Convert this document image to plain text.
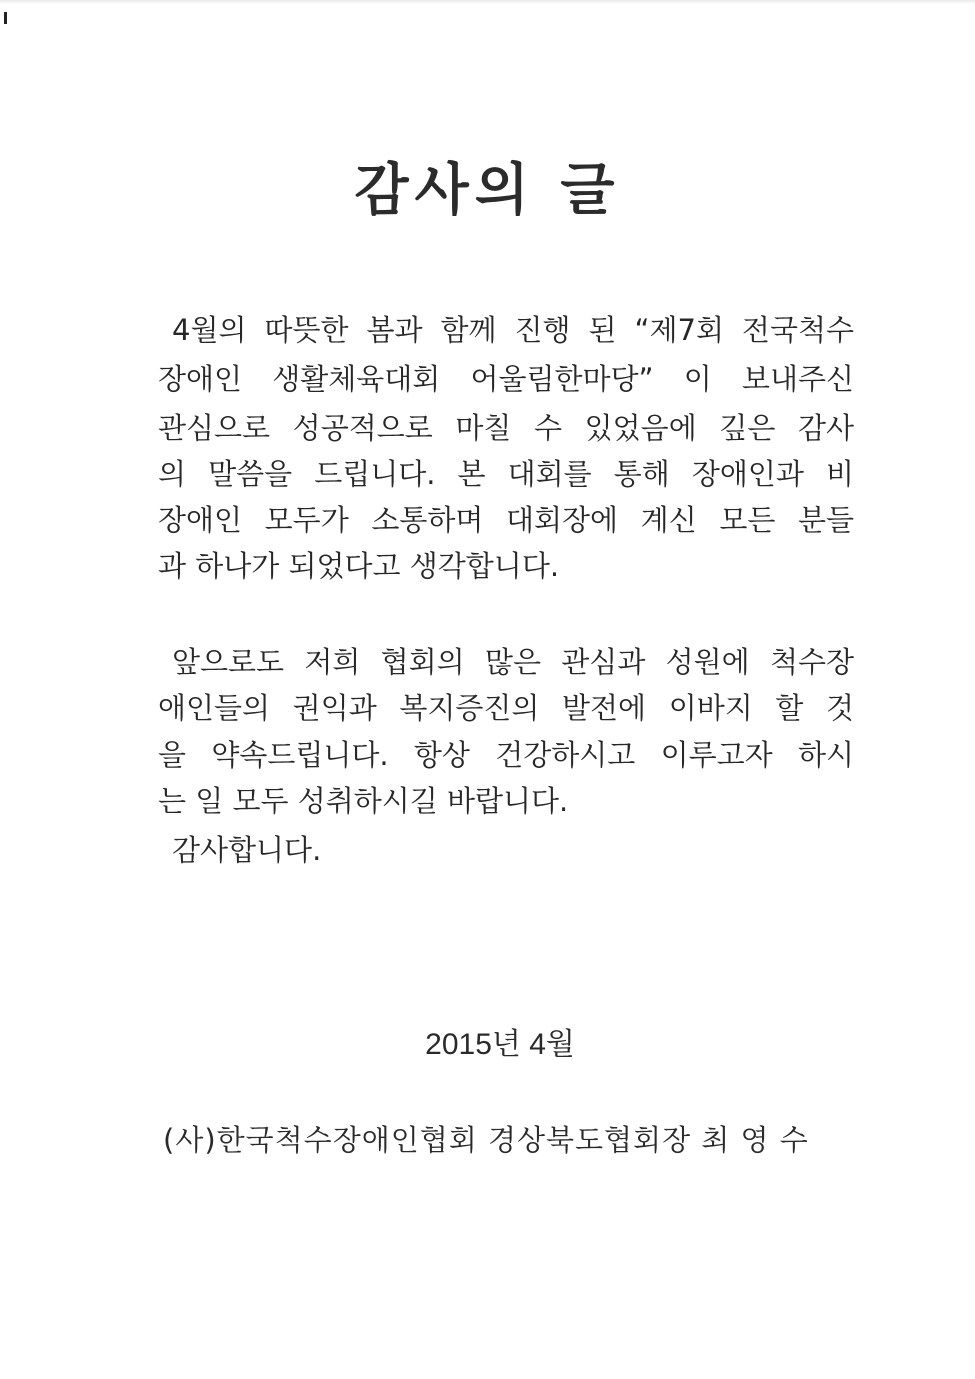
감사의 글
4월의 따뜻한 봄과 함께 진행 된 “제7회 전국척수
장애인 생활체육대회 어울림한마당” 이 보내주신
관심으로 성공적으로 마칠 수 있었음에 깊은 감사
의 말씀을 드립니다. 본 대회를 통해 장애인과 비
장애인 모두가 소통하며 대회장에 계신 모든 분들
과 하나가 되었다고 생각합니다.
앞으로도 저희 협회의 많은 관심과 성원에 척수장
애인들의 권익과 복지증진의 발전에 이바지 할 것
을 약속드립니다. 항상 건강하시고 이루고자 하시
는 일 모두 성취하시길 바랍니다.
감사합니다.
2015년 4월
(사)한국척수장애인협회 경상북도협회장 최 영 수
